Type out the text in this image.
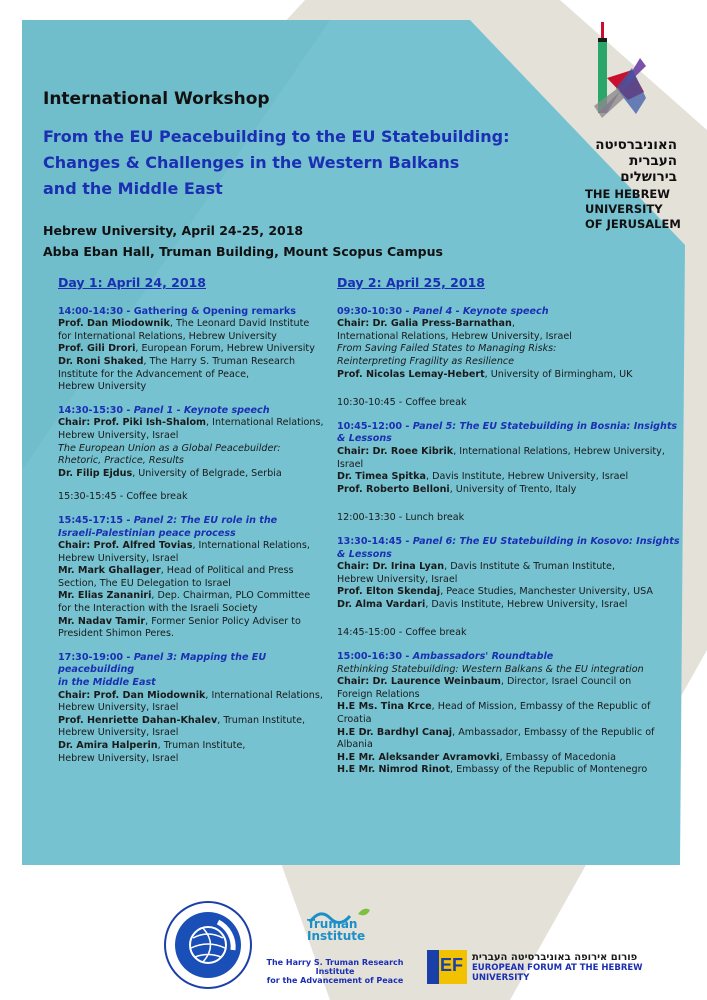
International Workshop
From the EU Peacebuilding to the EU Statebuilding:
Changes & Challenges in the Western Balkans
and the Middle East
Hebrew University, April 24-25, 2018
Abba Eban Hall, Truman Building, Mount Scopus Campus
האוניברסיטה
העברית
בירושלים
THE HEBREW
UNIVERSITY
OF JERUSALEM
Day 1: April 24, 2018
14:00-14:30 - Gathering & Opening remarks
Prof. Dan Miodownik, The Leonard David Institute
for International Relations, Hebrew University
Prof. Gili Drori, European Forum, Hebrew University
Dr. Roni Shaked, The Harry S. Truman Research
Institute for the Advancement of Peace,
Hebrew University
14:30-15:30 - Panel 1 - Keynote speech
Chair: Prof. Piki Ish-Shalom, International Relations,
Hebrew University, Israel
The European Union as a Global Peacebuilder:
Rhetoric, Practice, Results
Dr. Filip Ejdus, University of Belgrade, Serbia
15:30-15:45 - Coffee break
15:45-17:15 - Panel 2: The EU role in the
Israeli-Palestinian peace process
Chair: Prof. Alfred Tovias, International Relations,
Hebrew University, Israel
Mr. Mark Ghallager, Head of Political and Press
Section, The EU Delegation to Israel
Mr. Elias Zananiri, Dep. Chairman, PLO Committee
for the Interaction with the Israeli Society
Mr. Nadav Tamir, Former Senior Policy Adviser to
President Shimon Peres.
17:30-19:00 - Panel 3: Mapping the EU peacebuilding
in the Middle East
Chair: Prof. Dan Miodownik, International Relations,
Hebrew University, Israel
Prof. Henriette Dahan-Khalev, Truman Institute,
Hebrew University, Israel
Dr. Amira Halperin, Truman Institute,
Hebrew University, Israel
Day 2: April 25, 2018
09:30-10:30 - Panel 4 - Keynote speech
Chair: Dr. Galia Press-Barnathan,
International Relations, Hebrew University, Israel
From Saving Failed States to Managing Risks:
Reinterpreting Fragility as Resilience
Prof. Nicolas Lemay-Hebert, University of Birmingham, UK
10:30-10:45 - Coffee break
10:45-12:00 - Panel 5: The EU Statebuilding in Bosnia: Insights & Lessons
Chair: Dr. Roee Kibrik, International Relations, Hebrew University, Israel
Dr. Timea Spitka, Davis Institute, Hebrew University, Israel
Prof. Roberto Belloni, University of Trento, Italy
12:00-13:30 - Lunch break
13:30-14:45 - Panel 6: The EU Statebuilding in Kosovo: Insights & Lessons
Chair: Dr. Irina Lyan, Davis Institute & Truman Institute,
Hebrew University, Israel
Prof. Elton Skendaj, Peace Studies, Manchester University, USA
Dr. Alma Vardari, Davis Institute, Hebrew University, Israel
14:45-15:00 - Coffee break
15:00-16:30 - Ambassadors' Roundtable
Rethinking Statebuilding: Western Balkans & the EU integration
Chair: Dr. Laurence Weinbaum, Director, Israel Council on
Foreign Relations
H.E Ms. Tina Krce, Head of Mission, Embassy of the Republic of Croatia
H.E Dr. Bardhyl Canaj, Ambassador, Embassy of the Republic of Albania
H.E Mr. Aleksander Avramovki, Embassy of Macedonia
H.E Mr. Nimrod Rinot, Embassy of the Republic of Montenegro
Truman
Institute
The Harry S. Truman Research Institute
for the Advancement of Peace
EF פורום אירופה באוניברסיטה העברית
EUROPEAN FORUM AT THE HEBREW UNIVERSITY
